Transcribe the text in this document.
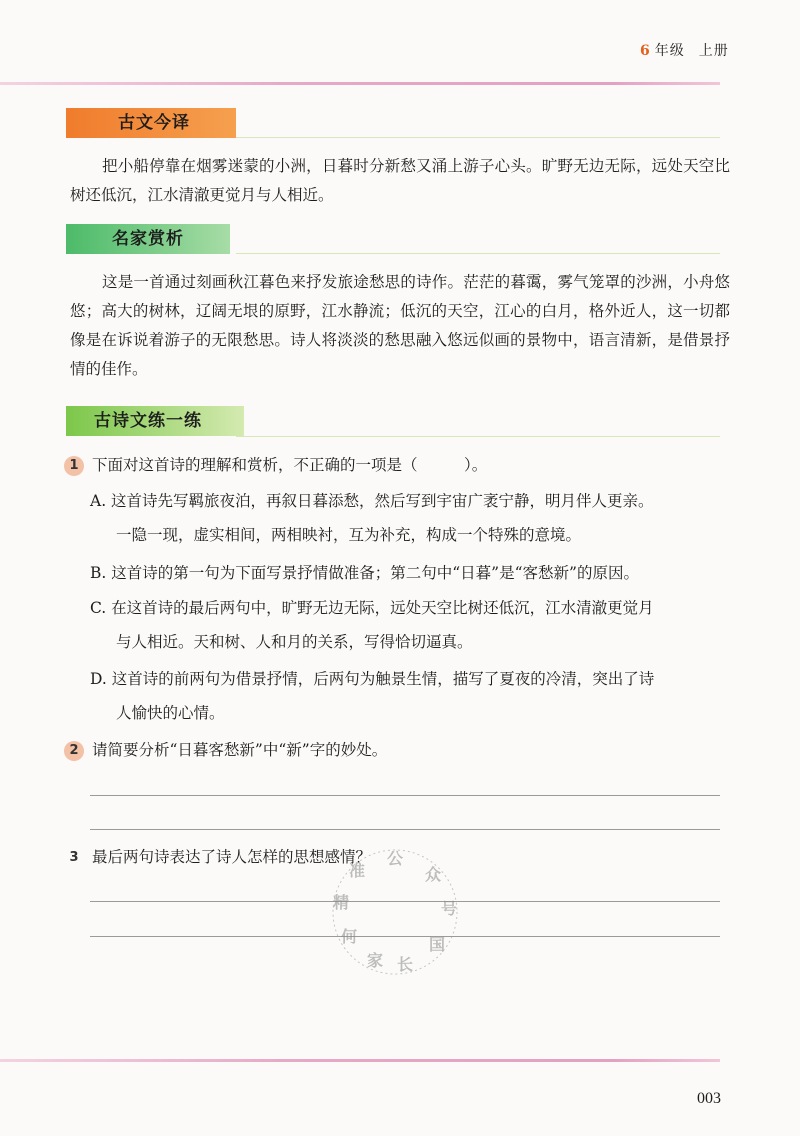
6 年级 上册
古文今译

把小船停靠在烟雾迷蒙的小洲，日暮时分新愁又涌上游子心头。旷野无边无际，远处天空比树还低沉，江水清澈更觉月与人相近。

名家赏析

这是一首通过刻画秋江暮色来抒发旅途愁思的诗作。茫茫的暮霭，雾气笼罩的沙洲，小舟悠悠；高大的树林，辽阔无垠的原野，江水静流；低沉的天空，江心的白月，格外近人，这一切都像是在诉说着游子的无限愁思。诗人将淡淡的愁思融入悠远似画的景物中，语言清新，是借景抒情的佳作。

古诗文练一练
1 下面对这首诗的理解和赏析，不正确的一项是（　　　）。

A. 这首诗先写羁旅夜泊，再叙日暮添愁，然后写到宇宙广袤宁静，明月伴人更亲。
一隐一现，虚实相间，两相映衬，互为补充，构成一个特殊的意境。

B. 这首诗的第一句为下面写景抒情做准备；第二句中“日暮”是“客愁新”的原因。

C. 在这首诗的最后两句中，旷野无边无际，远处天空比树还低沉，江水清澈更觉月
与人相近。天和树、人和月的关系，写得恰切逼真。

D. 这首诗的前两句为借景抒情，后两句为触景生情，描写了夏夜的冷清，突出了诗
人愉快的心情。

2 请简要分析“日暮客愁新”中“新”字的妙处。
3 最后两句诗表达了诗人怎样的思想感情？ 公
众
号
国
长
家
何
精
准
003
